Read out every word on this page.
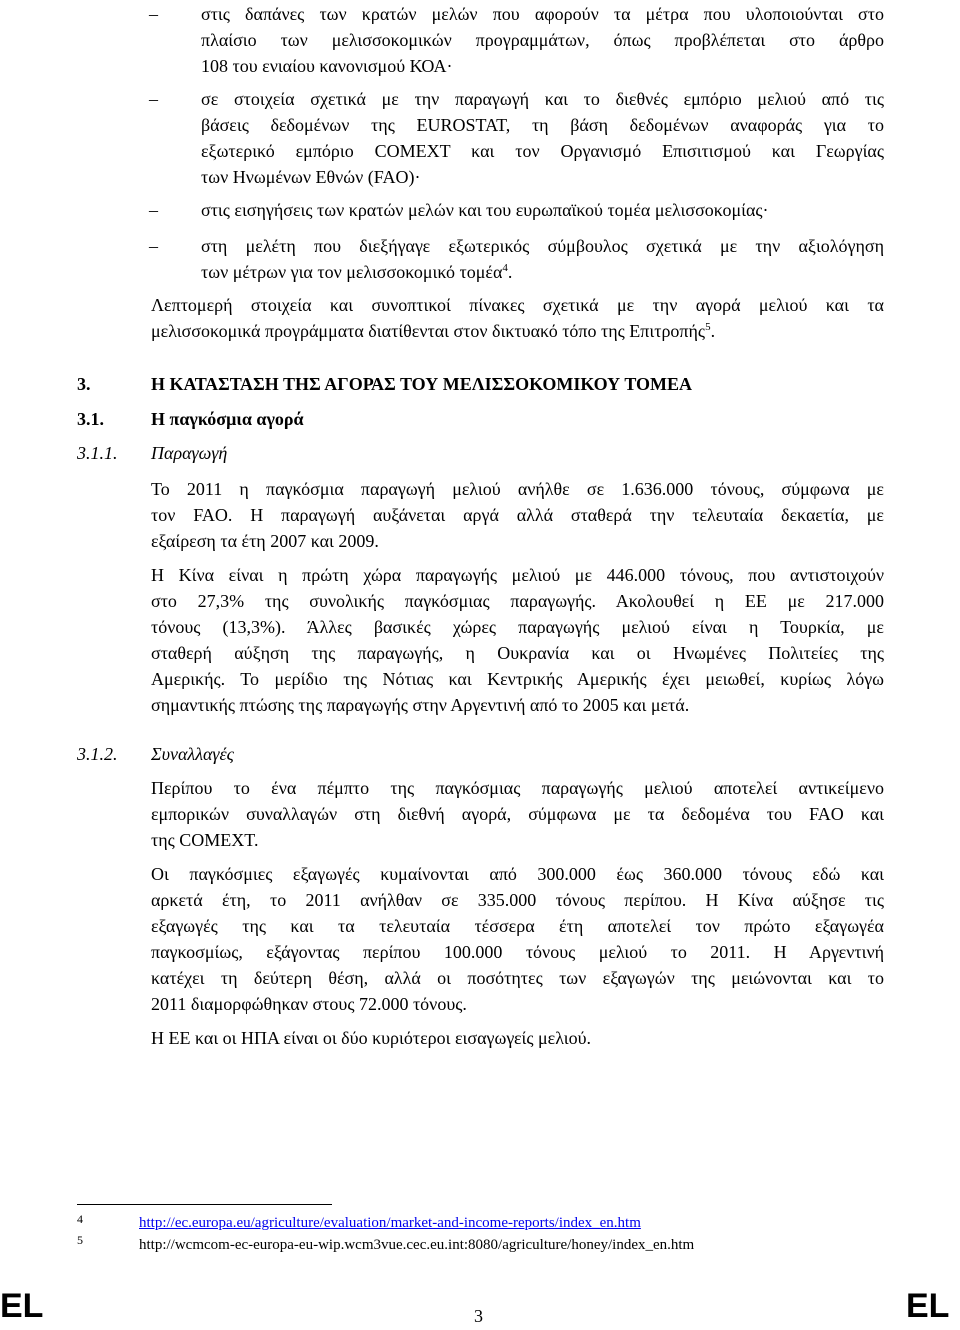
– στις δαπάνες των κρατών μελών που αφορούν τα μέτρα που υλοποιούνται στο
πλαίσιο των μελισσοκομικών προγραμμάτων, όπως προβλέπεται στο άρθρο
108 του ενιαίου κανονισμού ΚΟΑ·
– σε στοιχεία σχετικά με την παραγωγή και το διεθνές εμπόριο μελιού από τις
βάσεις δεδομένων της EUROSTAT, τη βάση δεδομένων αναφοράς για το
εξωτερικό εμπόριο COMEXT και τον Οργανισμό Επισιτισμού και Γεωργίας
των Ηνωμένων Εθνών (FAO)·
– στις εισηγήσεις των κρατών μελών και του ευρωπαϊκού τομέα μελισσοκομίας·
– στη μελέτη που διεξήγαγε εξωτερικός σύμβουλος σχετικά με την αξιολόγηση
των μέτρων για τον μελισσοκομικό τομέα$^4$.
Λεπτομερή στοιχεία και συνοπτικοί πίνακες σχετικά με την αγορά μελιού και τα
μελισσοκομικά προγράμματα διατίθενται στον δικτυακό τόπο της Επιτροπής$^5$.
3.	Η ΚΑΤΑΣΤΑΣΗ ΤΗΣ ΑΓΟΡΑΣ ΤΟΥ ΜΕΛΙΣΣΟΚΟΜΙΚΟΥ ΤΟΜΕΑ
3.1.	Η παγκόσμια αγορά
3.1.1. Παραγωγή
Το 2011 η παγκόσμια παραγωγή μελιού ανήλθε σε 1.636.000 τόνους, σύμφωνα με
τον FAO. Η παραγωγή αυξάνεται αργά αλλά σταθερά την τελευταία δεκαετία, με
εξαίρεση τα έτη 2007 και 2009.
Η Κίνα είναι η πρώτη χώρα παραγωγής μελιού με 446.000 τόνους, που αντιστοιχούν
στο 27,3% της συνολικής παγκόσμιας παραγωγής. Ακολουθεί η ΕΕ με 217.000
τόνους (13,3%). Άλλες βασικές χώρες παραγωγής μελιού είναι η Τουρκία, με
σταθερή αύξηση της παραγωγής, η Ουκρανία και οι Ηνωμένες Πολιτείες της
Αμερικής. Το μερίδιο της Νότιας και Κεντρικής Αμερικής έχει μειωθεί, κυρίως λόγω
σημαντικής πτώσης της παραγωγής στην Αργεντινή από το 2005 και μετά.
3.1.2. Συναλλαγές
Περίπου το ένα πέμπτο της παγκόσμιας παραγωγής μελιού αποτελεί αντικείμενο
εμπορικών συναλλαγών στη διεθνή αγορά, σύμφωνα με τα δεδομένα του FAO και
της COMEXT.
Οι παγκόσμιες εξαγωγές κυμαίνονται από 300.000 έως 360.000 τόνους εδώ και
αρκετά έτη, το 2011 ανήλθαν σε 335.000 τόνους περίπου. Η Κίνα αύξησε τις
εξαγωγές της και τα τελευταία τέσσερα έτη αποτελεί τον πρώτο εξαγωγέα
παγκοσμίως, εξάγοντας περίπου 100.000 τόνους μελιού το 2011. Η Αργεντινή
κατέχει τη δεύτερη θέση, αλλά οι ποσότητες των εξαγωγών της μειώνονται και το
2011 διαμορφώθηκαν στους 72.000 τόνους.
Η ΕΕ και οι ΗΠΑ είναι οι δύο κυριότεροι εισαγωγείς μελιού.
4	http://ec.europa.eu/agriculture/evaluation/market-and-income-reports/index_en.htm
5	http://wcmcom-ec-europa-eu-wip.wcm3vue.cec.eu.int:8080/agriculture/honey/index_en.htm
EL	3	EL
